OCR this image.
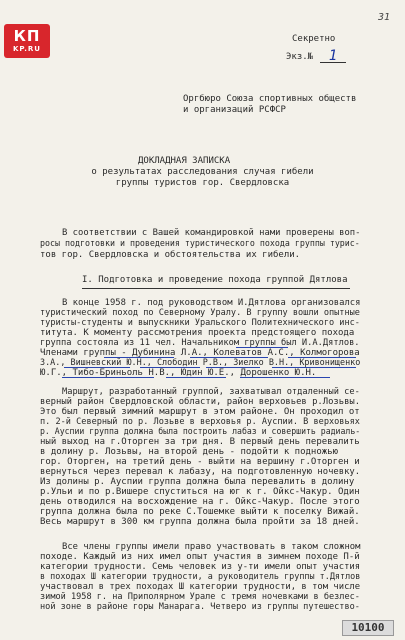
КП
KP.RU
31
Секретно
Экз.№	1
Оргбюро Союза спортивных обществ
и организаций РСФСР
ДОКЛАДНАЯ ЗАПИСКА
о результатах расследования случая гибели
группы туристов гор. Свердловска
В соответствии с Вашей командировкой нами проверены воп-
росы подготовки и проведения туристического похода группы турис-
тов гор. Свердловска и обстоятельства их гибели.
I. Подготовка и проведение похода группой Дятлова
В конце 1958 г. под руководством И.Дятлова организовался
туристический поход по Северному Уралу. В группу вошли опытные
туристы-студенты и выпускники Уральского Политехнического инс-
титута. К моменту рассмотрения проекта предстоящего похода
группа состояла из 11 чел. Начальником группы был И.А.Дятлов.
Членами группы - Дубинина Л.А., Колеватов А.С., Колмогорова
З.А., Вишневский Ю.Н., Слободин Р.В., Зиелко В.Н., Кривонищенко
Ю.Г., Тибо-Бриньоль Н.В., Юдин Ю.Е., Дорошенко Ю.Н.
Маршрут, разработанный группой, захватывал отдаленный се-
верный район Свердловской области, район верховьев р.Лозьвы.
Это был первый зимний маршрут в этом районе. Он проходил от
п. 2-й Северный по р. Лозьве в верховья р. Ауспии. В верховьях
р. Ауспии группа должна была построить лабаз и совершить радиаль-
ный выход на г.Оторген за три дня. В первый день перевалить
в долину р. Лозьвы, на второй день - подойти к подножью
гор. Оторген, на третий день - выйти на вершину г.Оторген и
вернуться через перевал к лабазу, на подготовленную ночевку.
Из долины р. Ауспии группа должна была перевалить в долину
р.Ульи и по р.Вишере спуститься на юг к г. Ойкс-Чакур. Один
день отводился на восхождение на г. Ойкс-Чакур. После этого
группа должна была по реке С.Тошемке выйти к поселку Вижай.
Весь маршрут в 300 км группа должна была пройти за 18 дней.
Все члены группы имели право участвовать в таком сложном
походе. Каждый из них имел опыт участия в зимнем походе П-й
категории трудности. Семь человек из у-ти имели опыт участия
в походах Ш категории трудности, а руководитель группы т.Дятлов
участвовал в трех походах Ш категории трудности, в том числе
зимой 1958 г. на Приполярном Урале с тремя ночевками в безлес-
ной зоне в районе горы Манарага. Четверо из группы путешество-
10100
